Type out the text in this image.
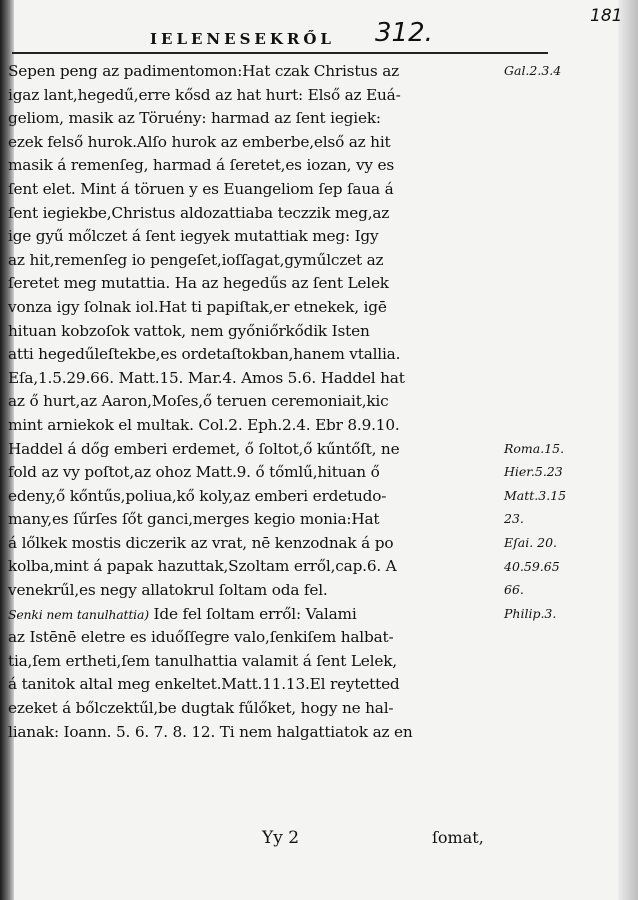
IELENESEKRŐL 312.
181
Sepen peng az padimentomon:Hat czak Christus az
igaz lant,hegedű,erre kősd az hat hurt: Első az Euá-
geliom, masik az Töruény: harmad az ſent iegiek:
ezek felső hurok.Alſo hurok az emberbe,első az hit
masik á remenſeg, harmad á ſeretet,es iozan, vy es
ſent elet. Mint á töruen y es Euangeliom ſep ſaua á
ſent iegiekbe,Christus aldozattiaba teczzik meg,az
ige gyű mőlczet á ſent iegyek mutattiak meg: Igy
az hit,remenſeg io pengeſet,ioſſagat,gyműlczet az
ſeretet meg mutattia. Ha az hegedűs az ſent Lelek
vonza igy ſolnak iol.Hat ti papiſtak,er etnekek, igē
hituan kobzoſok vattok, nem győniőrkődik Isten
atti hegedűleſtekbe,es ordetaſtokban,hanem vtallia.
Eſa,1.5.29.66. Matt.15. Mar.4. Amos 5.6. Haddel hat
az ő hurt,az Aaron,Moſes,ő teruen ceremoniait,kic
mint arniekok el multak. Col.2. Eph.2.4. Ebr 8.9.10.
Haddel á dőg emberi erdemet, ő ſoltot,ő kűntőſt, ne
fold az vy poſtot,az ohoz Matt.9. ő tőmlű,hituan ő
edeny,ő kőntűs,poliua,kő koly,az emberi erdetudo-
many,es ſűrſes ſőt ganci,merges kegio monia:Hat
á lőlkek mostis diczerik az vrat, nē kenzodnak á po
kolba,mint á papak hazuttak,Szoltam erről,cap.6. A
venekrűl,es negy allatokrul ſoltam oda fel.
Senki nem tanulhattia) Ide fel ſoltam erről: Valami
az Istēnē eletre es iduőſſegre valo,ſenkiſem halbat-
tia,ſem ertheti,ſem tanulhattia valamit á ſent Lelek,
á tanitok altal meg enkeltet.Matt.11.13.El reytetted
ezeket á bőlczektűl,be dugtak fűlőket, hogy ne hal-
lianak: Ioann. 5. 6. 7. 8. 12. Ti nem halgattiatok az en
Gal.2.3.4
Roma.15.
Hier.5.23
Matt.3.15
23.
Eſai. 20.
40.59.65
66.
Philip.3.
Yy 2	ſomat,
